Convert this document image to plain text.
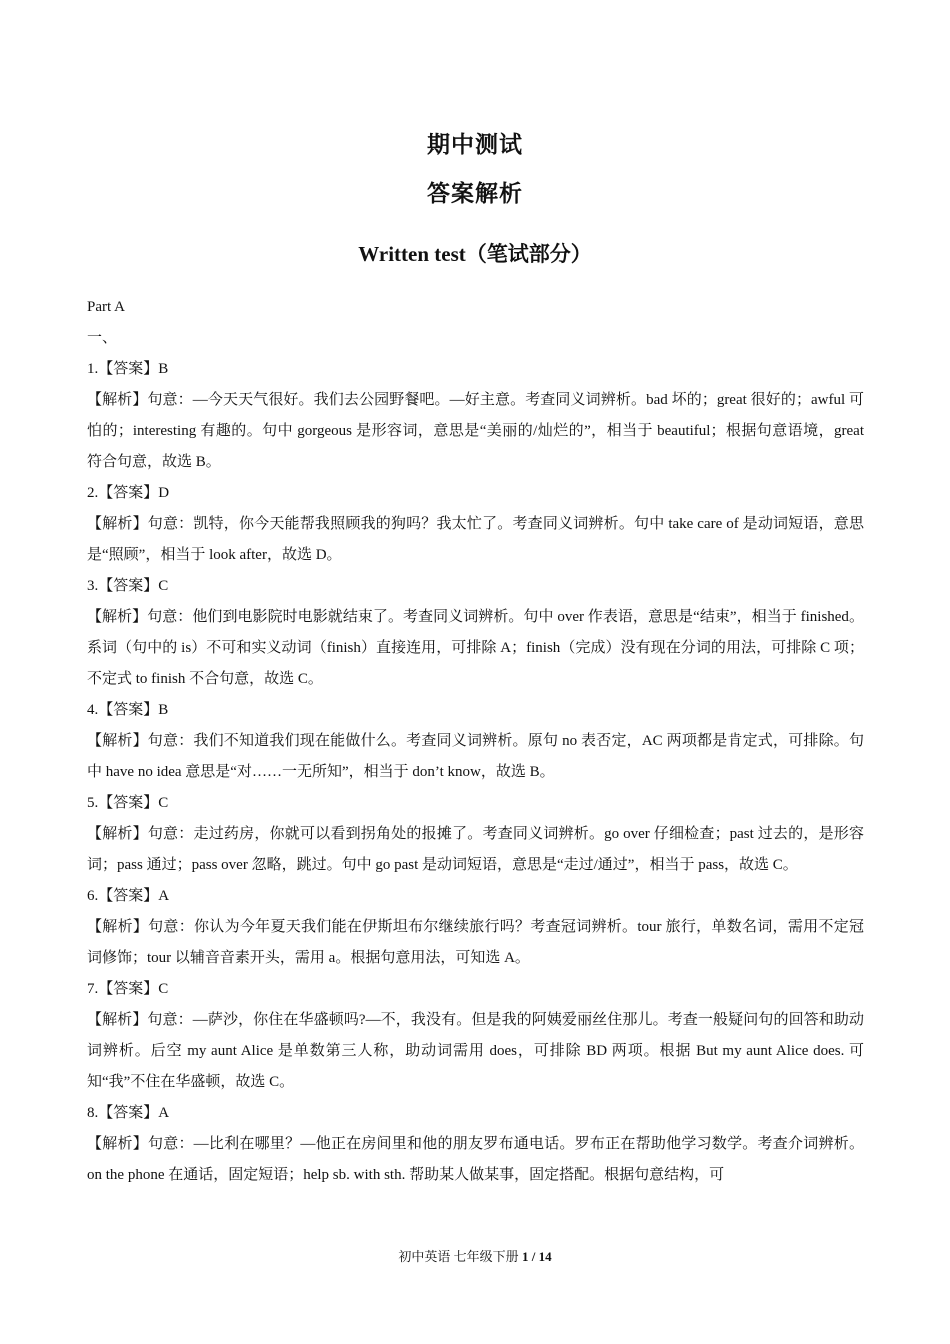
期中测试
答案解析
Written test（笔试部分）
Part A
一、
1.【答案】B
【解析】句意：—今天天气很好。我们去公园野餐吧。—好主意。考查同义词辨析。bad 坏的；great 很好的；awful 可怕的；interesting 有趣的。句中 gorgeous 是形容词，意思是“美丽的/灿烂的”，相当于 beautiful；根据句意语境，great 符合句意，故选 B。
2.【答案】D
【解析】句意：凯特，你今天能帮我照顾我的狗吗？我太忙了。考查同义词辨析。句中 take care of 是动词短语，意思是“照顾”，相当于 look after，故选 D。
3.【答案】C
【解析】句意：他们到电影院时电影就结束了。考查同义词辨析。句中 over 作表语，意思是“结束”，相当于 finished。系词（句中的 is）不可和实义动词（finish）直接连用，可排除 A；finish（完成）没有现在分词的用法，可排除 C 项；不定式 to finish 不合句意，故选 C。
4.【答案】B
【解析】句意：我们不知道我们现在能做什么。考查同义词辨析。原句 no 表否定，AC 两项都是肯定式，可排除。句中 have no idea 意思是“对……一无所知”，相当于 don’t know，故选 B。
5.【答案】C
【解析】句意：走过药房，你就可以看到拐角处的报摊了。考查同义词辨析。go over 仔细检查；past 过去的，是形容词；pass 通过；pass over 忽略，跳过。句中 go past 是动词短语，意思是“走过/通过”，相当于 pass，故选 C。
6.【答案】A
【解析】句意：你认为今年夏天我们能在伊斯坦布尔继续旅行吗？考查冠词辨析。tour 旅行，单数名词，需用不定冠词修饰；tour 以辅音音素开头，需用 a。根据句意用法，可知选 A。
7.【答案】C
【解析】句意：—萨沙，你住在华盛顿吗?—不，我没有。但是我的阿姨爱丽丝住那儿。考查一般疑问句的回答和助动词辨析。后空 my aunt Alice 是单数第三人称，助动词需用 does，可排除 BD 两项。根据 But my aunt Alice does. 可知“我”不住在华盛顿，故选 C。
8.【答案】A
【解析】句意：—比利在哪里？—他正在房间里和他的朋友罗布通电话。罗布正在帮助他学习数学。考查介词辨析。on the phone 在通话，固定短语；help sb. with sth. 帮助某人做某事，固定搭配。根据句意结构，可
初中英语 七年级下册 1 / 14
